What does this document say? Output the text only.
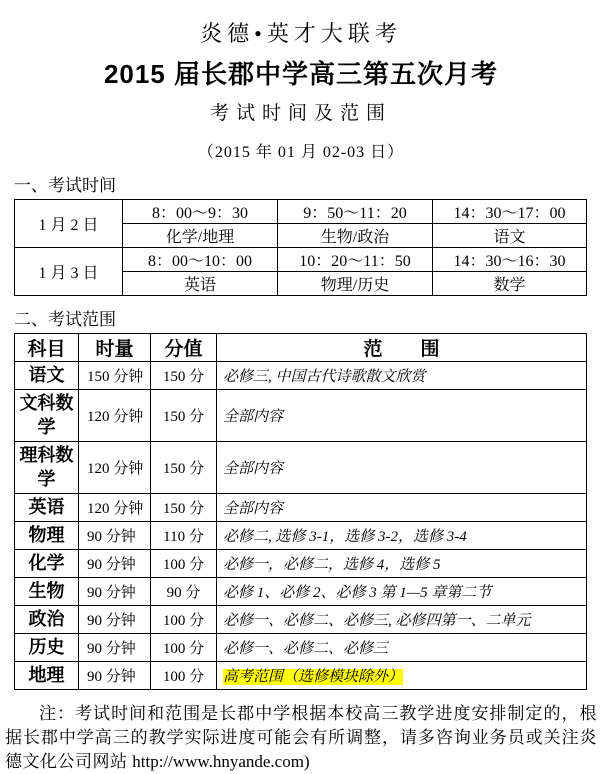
炎德•英才大联考
2015 届长郡中学高三第五次月考
考试时间及范围
（2015 年 01 月 02-03 日）
一、考试时间
1 月 2 日	8：00～9：30	9：50～11：20	14：30～17：00
	化学/地理	生物/政治	语文
1 月 3 日	8：00～10：00	10：20～11：50	14：30～16：30
	英语	物理/历史	数学
二、考试范围
科目	时量	分值	范　　围
语文	150 分钟	150 分	必修三, 中国古代诗歌散文欣赏
文科数学	120 分钟	150 分	全部内容
理科数学	120 分钟	150 分	全部内容
英语	120 分钟	150 分	全部内容
物理	90 分钟	110 分	必修二, 选修 3-1，选修 3-2，选修 3-4
化学	90 分钟	100 分	必修一，必修二，选修 4，选修 5
生物	90 分钟	90 分	必修 1、必修 2、必修 3 第 1—5 章第二节
政治	90 分钟	100 分	必修一、必修二、必修三, 必修四第一、二单元
历史	90 分钟	100 分	必修一、必修二、必修三
地理	90 分钟	100 分	高考范围（选修模块除外）

注：考试时间和范围是长郡中学根据本校高三教学进度安排制定的，根据长郡中学高三的教学实际进度可能会有所调整，请多咨询业务员或关注炎德文化公司网站 http://www.hnyande.com)
